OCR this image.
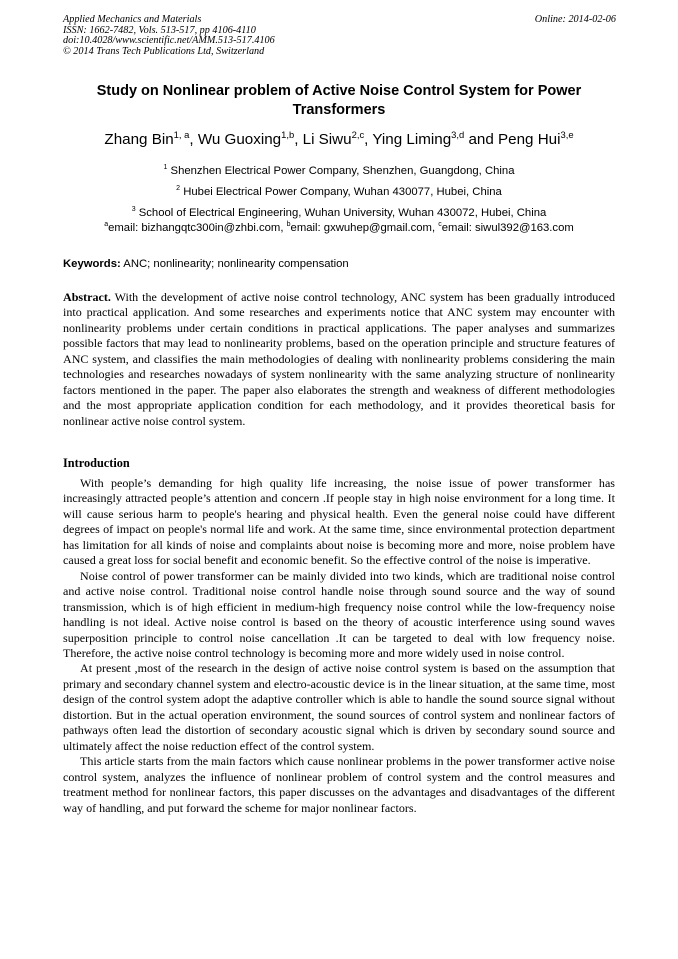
Applied Mechanics and Materials
ISSN: 1662-7482, Vols. 513-517, pp 4106-4110
doi:10.4028/www.scientific.net/AMM.513-517.4106
© 2014 Trans Tech Publications Ltd, Switzerland
Online: 2014-02-06
Study on Nonlinear problem of Active Noise Control System for Power
Transformers
Zhang Bin$^{1, a}$, Wu Guoxing$^{1,b}$, Li Siwu$^{2,c}$, Ying Liming$^{3,d}$ and Peng Hui$^{3,e}$
$^1$ Shenzhen Electrical Power Company, Shenzhen, Guangdong, China
$^2$ Hubei Electrical Power Company, Wuhan 430077, Hubei, China
$^3$ School of Electrical Engineering, Wuhan University, Wuhan 430072, Hubei, China
$^a$email: bizhangqtc300in@zhbi.com, $^b$email: gxwuhep@gmail.com, $^c$email: siwul392@163.com
Keywords: ANC; nonlinearity; nonlinearity compensation

Abstract. With the development of active noise control technology, ANC system has been gradually introduced into practical application. And some researches and experiments notice that ANC system may encounter with nonlinearity problems under certain conditions in practical applications. The paper analyses and summarizes possible factors that may lead to nonlinearity problems, based on the operation principle and structure features of ANC system, and classifies the main methodologies of dealing with nonlinearity problems considering the main technologies and researches nowadays of system nonlinearity with the same analyzing structure of nonlinearity factors mentioned in the paper. The paper also elaborates the strength and weakness of different methodologies and the most appropriate application condition for each methodology, and it provides theoretical basis for nonlinear active noise control system.

Introduction

With people’s demanding for high quality life increasing, the noise issue of power transformer has increasingly attracted people’s attention and concern .If people stay in high noise environment for a long time. It will cause serious harm to people's hearing and physical health. Even the general noise could have different degrees of impact on people's normal life and work. At the same time, since environmental protection department has limitation for all kinds of noise and complaints about noise is becoming more and more, noise problem have caused a great loss for social benefit and economic benefit. So the effective control of the noise is imperative.

Noise control of power transformer can be mainly divided into two kinds, which are traditional noise control and active noise control. Traditional noise control handle noise through sound source and the way of sound transmission, which is of high efficient in medium-high frequency noise control while the low-frequency noise handling is not ideal. Active noise control is based on the theory of acoustic interference using sound waves superposition principle to control noise cancellation .It can be targeted to deal with low frequency noise. Therefore, the active noise control technology is becoming more and more widely used in noise control.

At present ,most of the research in the design of active noise control system is based on the assumption that primary and secondary channel system and electro-acoustic device is in the linear situation, at the same time, most design of the control system adopt the adaptive controller which is able to handle the sound source signal without distortion. But in the actual operation environment, the sound sources of control system and nonlinear factors of pathways often lead the distortion of secondary acoustic signal which is driven by secondary sound source and ultimately affect the noise reduction effect of the control system.

This article starts from the main factors which cause nonlinear problems in the power transformer active noise control system, analyzes the influence of nonlinear problem of control system and the control measures and treatment method for nonlinear factors, this paper discusses on the advantages and disadvantages of the different way of handling, and put forward the scheme for major nonlinear factors.
